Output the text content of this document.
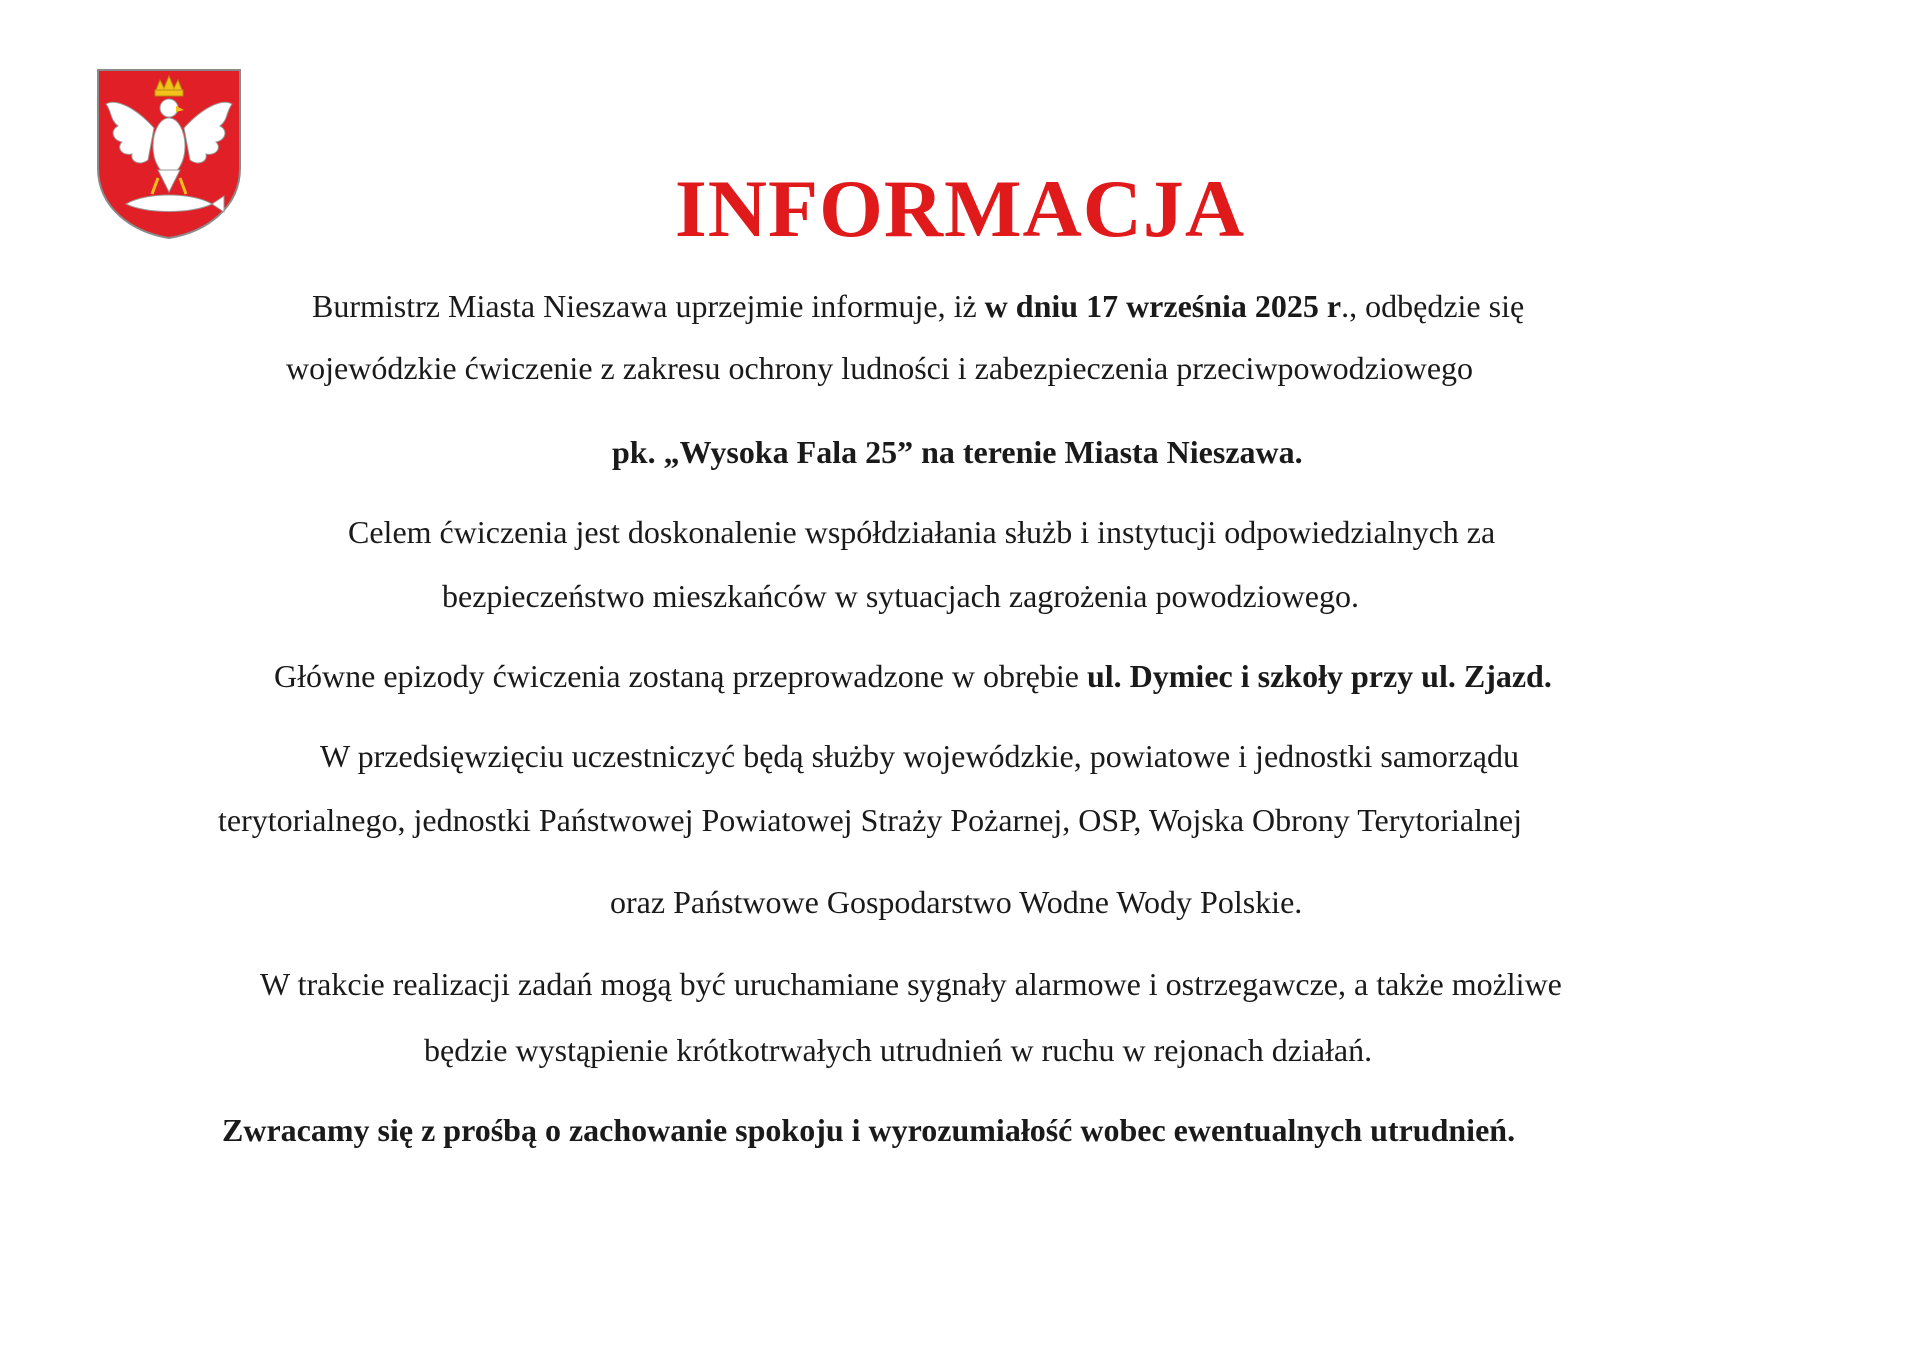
INFORMACJA
Burmistrz Miasta Nieszawa uprzejmie informuje, iż w dniu 17 września 2025 r., odbędzie się
wojewódzkie ćwiczenie z zakresu ochrony ludności i zabezpieczenia przeciwpowodziowego
pk. „Wysoka Fala 25” na terenie Miasta Nieszawa.
Celem ćwiczenia jest doskonalenie współdziałania służb i instytucji odpowiedzialnych za
bezpieczeństwo mieszkańców w sytuacjach zagrożenia powodziowego.
Główne epizody ćwiczenia zostaną przeprowadzone w obrębie ul. Dymiec i szkoły przy ul. Zjazd.
W przedsięwzięciu uczestniczyć będą służby wojewódzkie, powiatowe i jednostki samorządu
terytorialnego, jednostki Państwowej Powiatowej Straży Pożarnej, OSP, Wojska Obrony Terytorialnej
oraz Państwowe Gospodarstwo Wodne Wody Polskie.
W trakcie realizacji zadań mogą być uruchamiane sygnały alarmowe i ostrzegawcze, a także możliwe
będzie wystąpienie krótkotrwałych utrudnień w ruchu w rejonach działań.
Zwracamy się z prośbą o zachowanie spokoju i wyrozumiałość wobec ewentualnych utrudnień.
